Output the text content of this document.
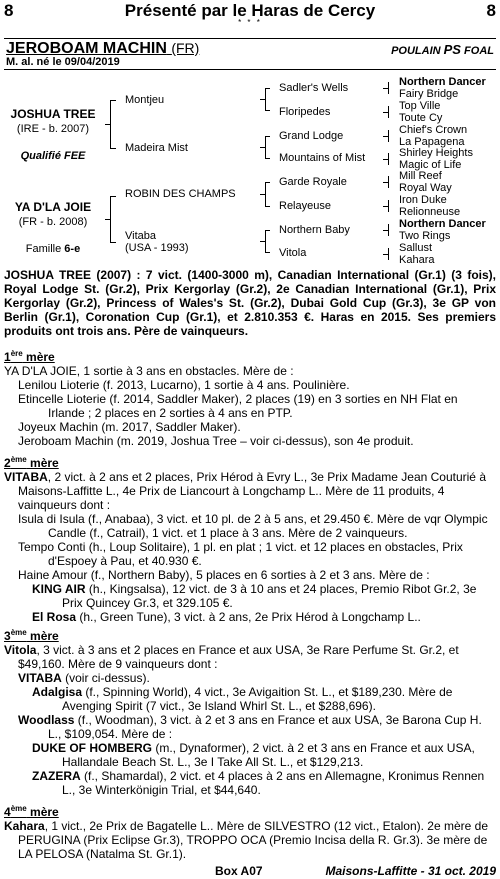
8	Présenté par le Haras de Cercy	8
* * *
JEROBOAM MACHIN (FR)	POULAIN PS FOAL
M. al. né le 09/04/2019
JOSHUA TREE
(IRE - b. 2007)
Qualifié FEE
YA D'LA JOIE
(FR - b. 2008)
Famille 6-e
Montjeu
Madeira Mist
ROBIN DES CHAMPS
Vitaba
(USA - 1993)
Sadler's Wells
Floripedes
Grand Lodge
Mountains of Mist
Garde Royale
Relayeuse
Northern Baby
Vitola
Northern Dancer
Fairy Bridge
Top Ville
Toute Cy
Chief's Crown
La Papagena
Shirley Heights
Magic of Life
Mill Reef
Royal Way
Iron Duke
Relionneuse
Northern Dancer
Two Rings
Sallust
Kahara
JOSHUA TREE (2007) : 7 vict. (1400-3000 m), Canadian International (Gr.1) (3 fois), Royal Lodge St. (Gr.2), Prix Kergorlay (Gr.2), 2e Canadian International (Gr.1), Prix Kergorlay (Gr.2), Princess of Wales's St. (Gr.2), Dubai Gold Cup (Gr.3), 3e GP von Berlin (Gr.1), Coronation Cup (Gr.1), et 2.810.353 €. Haras en 2015. Ses premiers produits ont trois ans. Père de vainqueurs.
1ère mère
YA D'LA JOIE, 1 sortie à 3 ans en obstacles. Mère de :
Lenilou Lioterie (f. 2013, Lucarno), 1 sortie à 4 ans. Poulinière.
Etincelle Lioterie (f. 2014, Saddler Maker), 2 places (19) en 3 sorties en NH Flat en Irlande ; 2 places en 2 sorties à 4 ans en PTP.
Joyeux Machin (m. 2017, Saddler Maker).
Jeroboam Machin (m. 2019, Joshua Tree – voir ci-dessus), son 4e produit.
2ème mère
VITABA, 2 vict. à 2 ans et 2 places, Prix Hérod à Evry L., 3e Prix Madame Jean Couturié à Maisons-Laffitte L., 4e Prix de Liancourt à Longchamp L.. Mère de 11 produits, 4 vainqueurs dont :
Isula di Isula (f., Anabaa), 3 vict. et 10 pl. de 2 à 5 ans, et 29.450 €. Mère de vqr Olympic Candle (f., Catrail), 1 vict. et 1 place à 3 ans. Mère de 2 vainqueurs.
Tempo Conti (h., Loup Solitaire), 1 pl. en plat ; 1 vict. et 12 places en obstacles, Prix d'Espoey à Pau, et 40.930 €.
Haine Amour (f., Northern Baby), 5 places en 6 sorties à 2 et 3 ans. Mère de :
KING AIR (h., Kingsalsa), 12 vict. de 3 à 10 ans et 24 places, Premio Ribot Gr.2, 3e Prix Quincey Gr.3, et 329.105 €.
El Rosa (h., Green Tune), 3 vict. à 2 ans, 2e Prix Hérod à Longchamp L..
3ème mère
Vitola, 3 vict. à 3 ans et 2 places en France et aux USA, 3e Rare Perfume St. Gr.2, et $49,160. Mère de 9 vainqueurs dont :
VITABA (voir ci-dessus).
Adalgisa (f., Spinning World), 4 vict., 3e Avigaition St. L., et $189,230. Mère de Avenging Spirit (7 vict., 3e Island Whirl St. L., et $288,696).
Woodlass (f., Woodman), 3 vict. à 2 et 3 ans en France et aux USA, 3e Barona Cup H. L., $109,054. Mère de :
DUKE OF HOMBERG (m., Dynaformer), 2 vict. à 2 et 3 ans en France et aux USA, Hallandale Beach St. L., 3e I Take All St. L., et $129,213.
ZAZERA (f., Shamardal), 2 vict. et 4 places à 2 ans en Allemagne, Kronimus Rennen L., 3e Winterkönigin Trial, et $44,640.
4ème mère
Kahara, 1 vict., 2e Prix de Bagatelle L.. Mère de SILVESTRO (12 vict., Etalon). 2e mère de PERUGINA (Prix Eclipse Gr.3), TROPPO OCA (Premio Incisa della R. Gr.3). 3e mère de LA PELOSA (Natalma St. Gr.1).
Box A07	Maisons-Laffitte - 31 oct. 2019
